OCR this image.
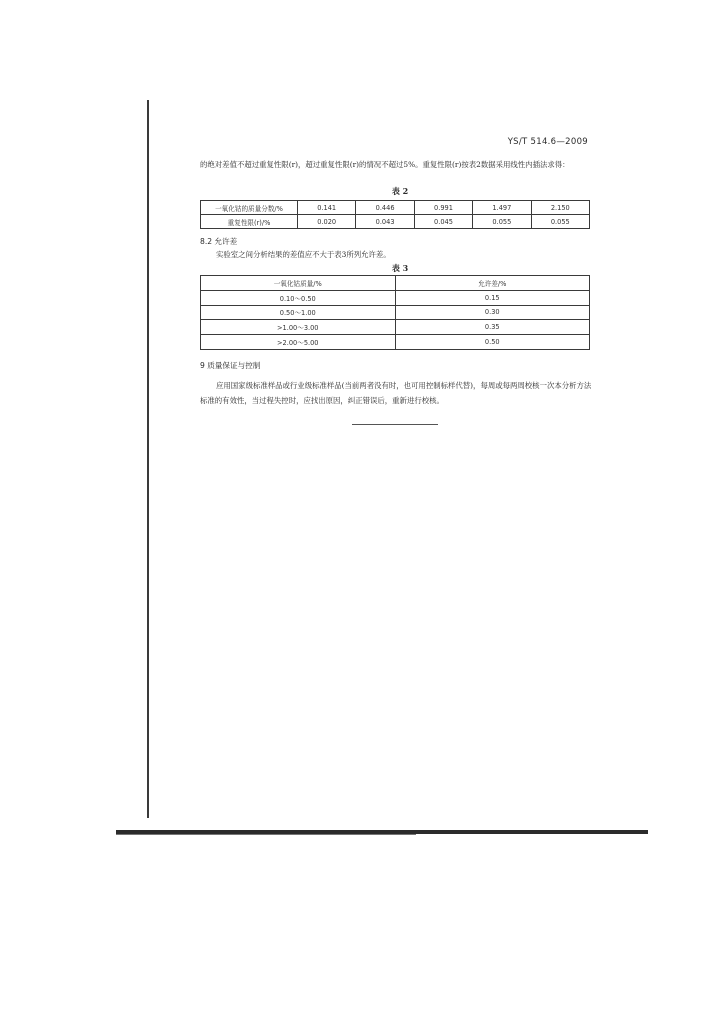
YS/T 514.6—2009
的绝对差值不超过重复性限(r)，超过重复性限(r)的情况不超过5%。重复性限(r)按表2数据采用线性内插法求得：
表 2
一氧化钴的质量分数/%	0.141	0.446	0.991	1.497	2.150
重复性限(r)/%	0.020	0.043	0.045	0.055	0.055
8.2 允许差
实验室之间分析结果的差值应不大于表3所列允许差。
表 3
一氧化钴质量/%	允许差/%
0.10～0.50	0.15
0.50～1.00	0.30
>1.00～3.00	0.35
>2.00～5.00	0.50
9 质量保证与控制
应用国家级标准样品或行业级标准样品(当前两者没有时，也可用控制标样代替)，每周或每两周校核一次本分析方法标准的有效性，当过程失控时，应找出原因，纠正错误后，重新进行校核。
